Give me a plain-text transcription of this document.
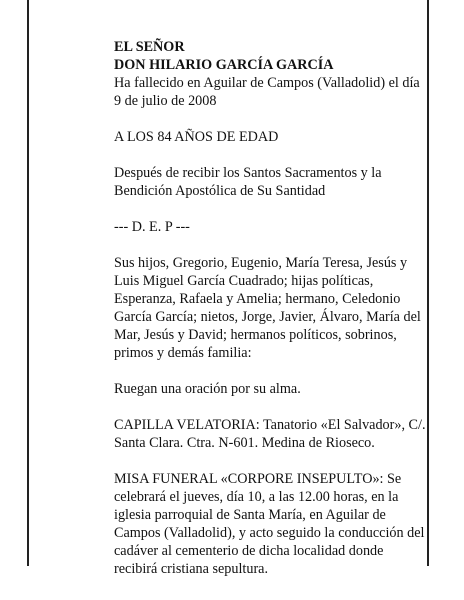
EL SEÑOR

DON HILARIO GARCÍA GARCÍA

Ha fallecido en Aguilar de Campos (Valladolid) el día 9 de julio de 2008

A LOS 84 AÑOS DE EDAD

Después de recibir los Santos Sacramentos y la Bendición Apostólica de Su Santidad

--- D. E. P ---

Sus hijos, Gregorio, Eugenio, María Teresa, Jesús y Luis Miguel García Cuadrado; hijas políticas, Esperanza, Rafaela y Amelia; hermano, Celedonio García García; nietos, Jorge, Javier, Álvaro, María del Mar, Jesús y David; hermanos políticos, sobrinos, primos y demás familia:

Ruegan una oración por su alma.

CAPILLA VELATORIA: Tanatorio «El Salvador», C/. Santa Clara. Ctra. N-601. Medina de Rioseco.

MISA FUNERAL «CORPORE INSEPULTO»: Se celebrará el jueves, día 10, a las 12.00 horas, en la iglesia parroquial de Santa María, en Aguilar de Campos (Valladolid), y acto seguido la conducción del cadáver al cementerio de dicha localidad donde recibirá cristiana sepultura.
